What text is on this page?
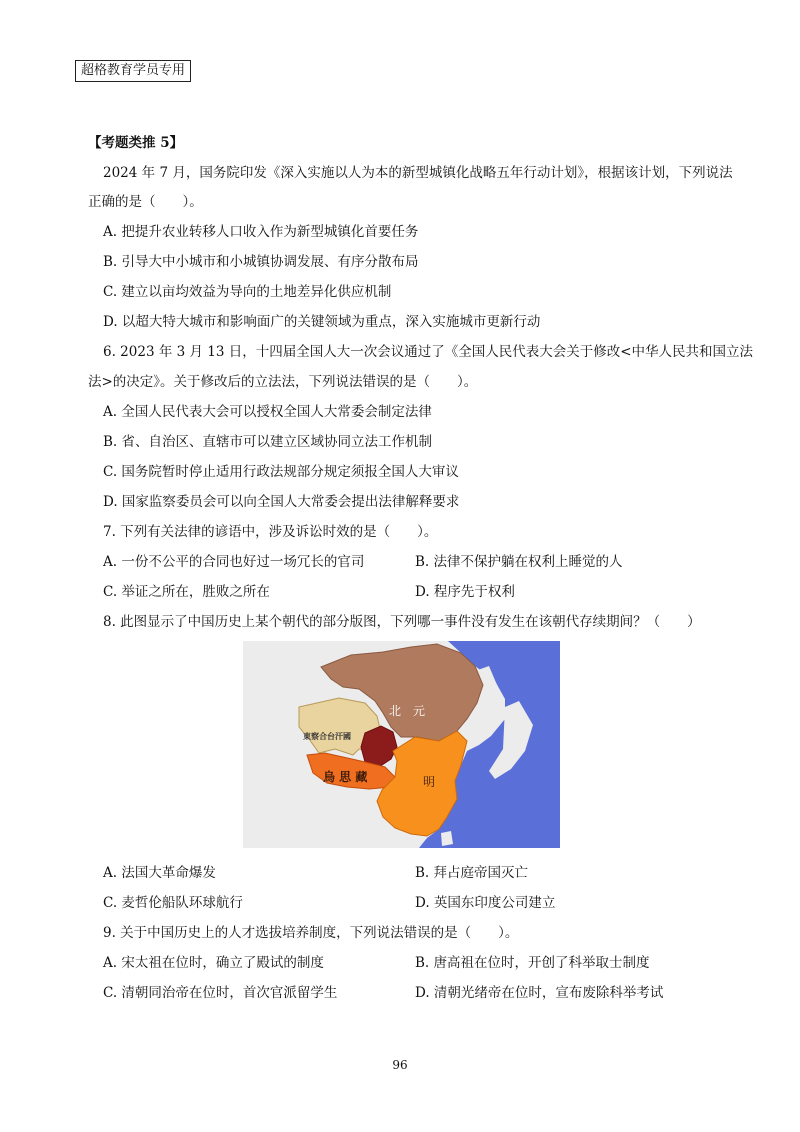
超格教育学员专用
【考题类推 5】
2024 年 7 月，国务院印发《深入实施以人为本的新型城镇化战略五年行动计划》，根据该计划，下列说法
正确的是（　　）。
A. 把提升农业转移人口收入作为新型城镇化首要任务
B. 引导大中小城市和小城镇协调发展、有序分散布局
C. 建立以亩均效益为导向的土地差异化供应机制
D. 以超大特大城市和影响面广的关键领域为重点，深入实施城市更新行动
6. 2023 年 3 月 13 日，十四届全国人大一次会议通过了《全国人民代表大会关于修改<中华人民共和国立法
法>的决定》。关于修改后的立法法，下列说法错误的是（　　）。
A. 全国人民代表大会可以授权全国人大常委会制定法律
B. 省、自治区、直辖市可以建立区域协同立法工作机制
C. 国务院暂时停止适用行政法规部分规定须报全国人大审议
D. 国家监察委员会可以向全国人大常委会提出法律解释要求
7. 下列有关法律的谚语中，涉及诉讼时效的是（　　）。
A. 一份不公平的合同也好过一场冗长的官司	B. 法律不保护躺在权利上睡觉的人
C. 举证之所在，胜败之所在	D. 程序先于权利
8. 此图显示了中国历史上某个朝代的部分版图，下列哪一事件没有发生在该朝代存续期间？（　　）
北　元
東察合台汗國
烏 思 藏	明
A. 法国大革命爆发	B. 拜占庭帝国灭亡
C. 麦哲伦船队环球航行	D. 英国东印度公司建立
9. 关于中国历史上的人才选拔培养制度，下列说法错误的是（　　）。
A. 宋太祖在位时，确立了殿试的制度	B. 唐高祖在位时，开创了科举取士制度
C. 清朝同治帝在位时，首次官派留学生	D. 清朝光绪帝在位时，宣布废除科举考试
96
